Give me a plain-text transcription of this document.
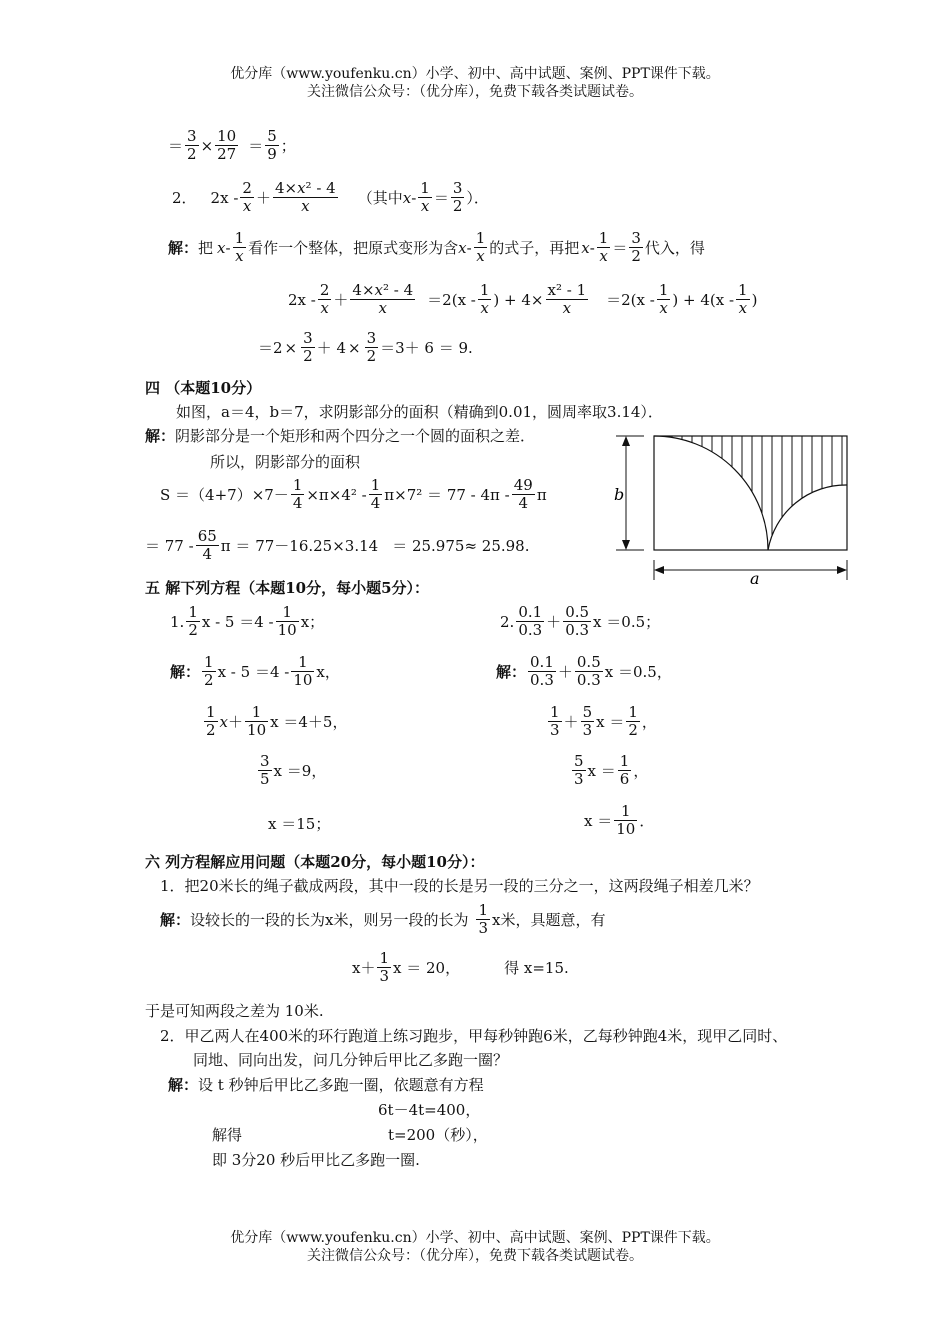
优分库（www.youfenku.cn）小学、初中、高中试题、案例、PPT课件下载。
关注微信公众号：（优分库），免费下载各类试题试卷。
＝ $\frac{3}{2} \times \frac{10}{27} = \frac{5}{9}$ ；
2． $2x - \frac{2}{x} + \frac{\text{4×x² - 4}}{x}$ （其中 $x - \frac{1}{x} = \frac{3}{2}$ ）．
解： 把 x - $\frac{1}{x}$ 看作一个整体，把原式变形为含 x - $\frac{1}{x}$ 的式子，再把 $x - \frac{1}{x} = \frac{3}{2}$ 代入，得
$2x - \frac{2}{x} + \frac{\text{4×x² - 4}}{x} =2(x - \frac{1}{x}$ ) + $4 \times \frac{\text{x² - 1}}{x} =2(x - \frac{1}{x}$ ) + $4(x - \frac{1}{x}$ )
$=2 \times \frac{3}{2} + 4 \times \frac{3}{2} =3+ 6 = 9$.
四 （本题10分）
如图，a＝4，b＝7，求阴影部分的面积（精确到0.01，圆周率取3.14）．
解：阴影部分是一个矩形和两个四分之一个圆的面积之差．
所以，阴影部分的面积
$S =(4+7)\times 7- \frac{1}{4} \times\pi\times 4^2 - \frac{1}{4} \pi\times 7^2 = 77 - 4\pi - \frac{49}{4}$ π
＝ $77 - \frac{65}{4}$ π ＝ 77－16.25×3.14 ＝ 25.975≈ 25.98.
b
a
五 解下列方程（本题10分，每小题5分）：
1. $\frac{1}{2}$ $x - 5 =4 - \frac{1}{10}$ x；
解： $\frac{1}{2}$ $x - 5 =4 - \frac{1}{10}$ x，
$\frac{1}{2}$ $x + \frac{1}{10}$ x ＝4＋5，
$\frac{3}{5}$ x ＝9，
x ＝15；
2. $\frac{0.1}{0.3} + \frac{0.5}{0.3}$ x ＝0.5；
解： $\frac{0.1}{0.3} + \frac{0.5}{0.3}$ x ＝0.5，
$\frac{1}{3} + \frac{5}{3}$ $x = \frac{1}{2}$ ，
$\frac{5}{3}$ $x = \frac{1}{6}$ ，
$x = \frac{1}{10}$ ．
六 列方程解应用问题（本题20分，每小题10分）：
1．把20米长的绳子截成两段，其中一段的长是另一段的三分之一，这两段绳子相差几米？
解： 设较长的一段的长为x米，则另一段的长为 $\frac{1}{3}$ x米，具题意，有
$x+ \frac{1}{3}$ x ＝ 20，	得 x=15.
于是可知两段之差为 10米.
2．甲乙两人在400米的环行跑道上练习跑步，甲每秒钟跑6米，乙每秒钟跑4米，现甲乙同时、
同地、同向出发，问几分钟后甲比乙多跑一圈？
解：设 t 秒钟后甲比乙多跑一圈，依题意有方程
6t－4t=400，
解得	t=200（秒），
即 3分20 秒后甲比乙多跑一圈.
优分库（www.youfenku.cn）小学、初中、高中试题、案例、PPT课件下载。
关注微信公众号：（优分库），免费下载各类试题试卷。
